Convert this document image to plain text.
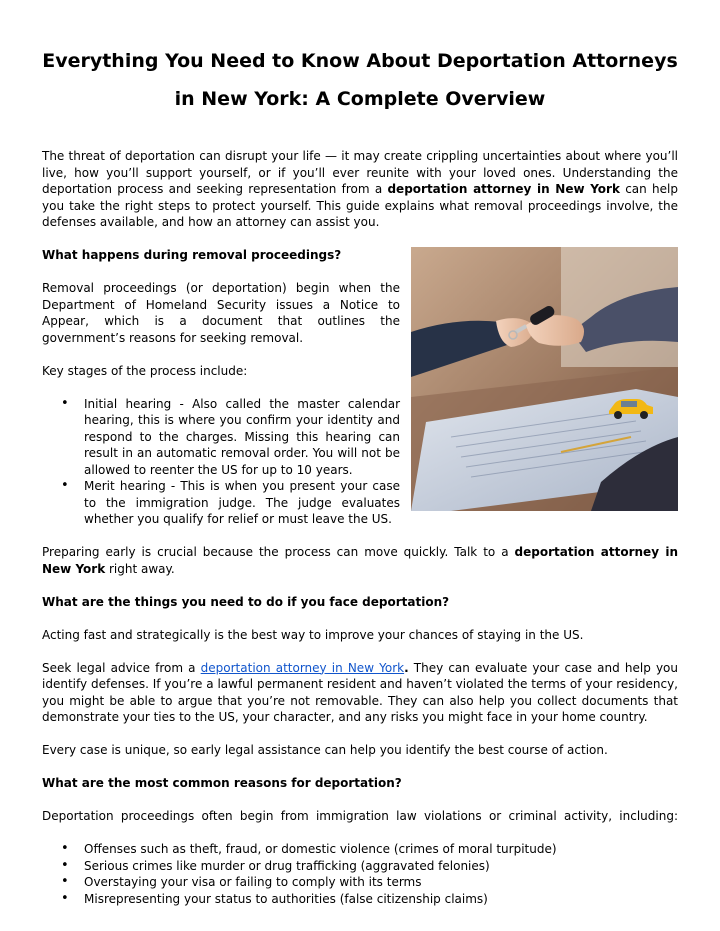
Everything You Need to Know About Deportation Attorneys
in New York: A Complete Overview

The threat of deportation can disrupt your life — it may create crippling uncertainties about where you’ll live, how you’ll support yourself, or if you’ll ever reunite with your loved ones. Understanding the deportation process and seeking representation from a deportation attorney in New York can help you take the right steps to protect yourself. This guide explains what removal proceedings involve, the defenses available, and how an attorney can assist you.

What happens during removal proceedings?

Removal proceedings (or deportation) begin when the Department of Homeland Security issues a Notice to Appear, which is a document that outlines the government’s reasons for seeking removal.

Key stages of the process include:

• Initial hearing - Also called the master calendar hearing, this is where you confirm your identity and respond to the charges. Missing this hearing can result in an automatic removal order. You will not be allowed to reenter the US for up to 10 years.
• Merit hearing - This is when you present your case to the immigration judge. The judge evaluates whether you qualify for relief or must leave the US.

Preparing early is crucial because the process can move quickly. Talk to a deportation attorney in New York right away.

What are the things you need to do if you face deportation?

Acting fast and strategically is the best way to improve your chances of staying in the US.

Seek legal advice from a deportation attorney in New York. They can evaluate your case and help you identify defenses. If you’re a lawful permanent resident and haven’t violated the terms of your residency, you might be able to argue that you’re not removable. They can also help you collect documents that demonstrate your ties to the US, your character, and any risks you might face in your home country.

Every case is unique, so early legal assistance can help you identify the best course of action.

What are the most common reasons for deportation?

Deportation proceedings often begin from immigration law violations or criminal activity, including:

• Offenses such as theft, fraud, or domestic violence (crimes of moral turpitude)
• Serious crimes like murder or drug trafficking (aggravated felonies)
• Overstaying your visa or failing to comply with its terms
• Misrepresenting your status to authorities (false citizenship claims)
